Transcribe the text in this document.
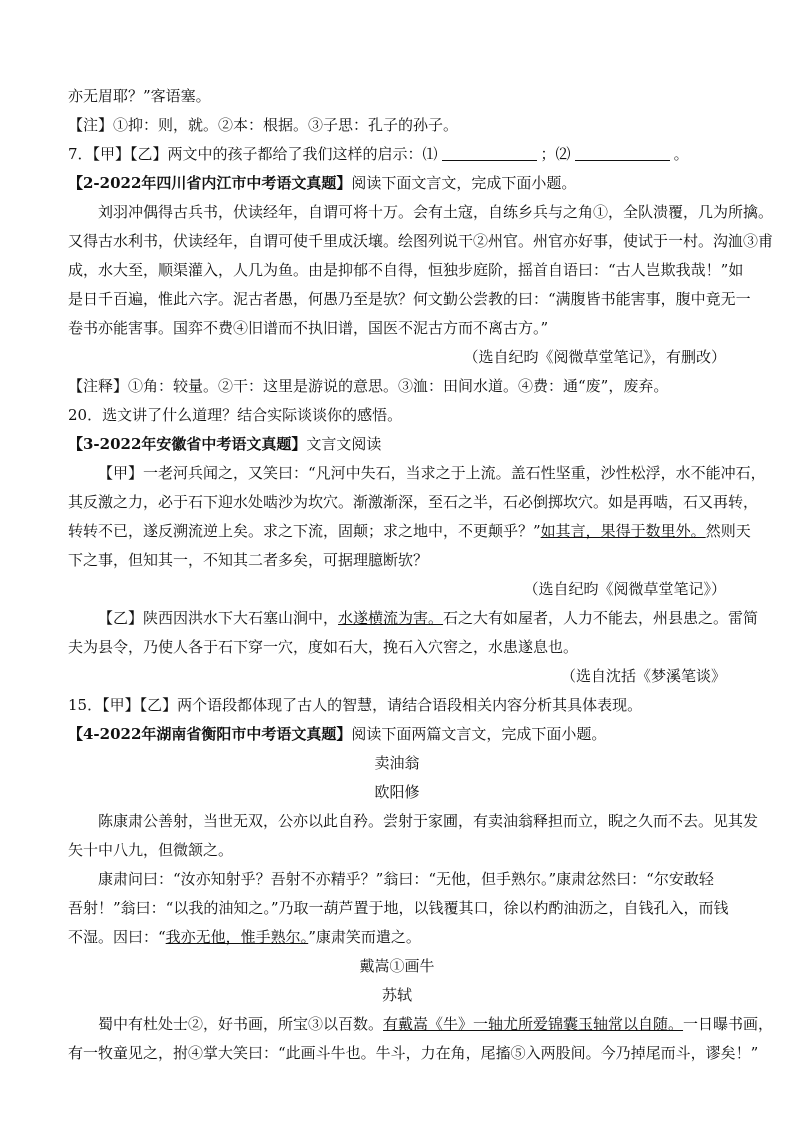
亦无眉耶？”客语塞。

【注】①抑：则，就。②本：根据。③子思：孔子的孙子。

7．【甲】【乙】两文中的孩子都给了我们这样的启示：⑴	；⑵	。

【2-2022年四川省内江市中考语文真题】阅读下面文言文，完成下面小题。

刘羽冲偶得古兵书，伏读经年，自谓可将十万。会有土寇，自练乡兵与之角①，全队溃覆，几为所擒。

又得古水利书，伏读经年，自谓可使千里成沃壤。绘图列说干②州官。州官亦好事，使试于一村。沟洫③甫

成，水大至，顺渠灌入，人几为鱼。由是抑郁不自得，恒独步庭阶，摇首自语曰：“古人岂欺我哉！”如

是日千百遍，惟此六字。泥古者愚，何愚乃至是欤？何文勤公尝教的曰：“满腹皆书能害事，腹中竟无一

卷书亦能害事。国弈不费④旧谱而不执旧谱，国医不泥古方而不离古方。”

（选自纪昀《阅微草堂笔记》，有删改）

【注释】①角：较量。②干：这里是游说的意思。③洫：田间水道。④费：通“废”，废弃。

20．选文讲了什么道理？结合实际谈谈你的感悟。

【3-2022年安徽省中考语文真题】文言文阅读

【甲】一老河兵闻之，又笑曰：“凡河中失石，当求之于上流。盖石性坚重，沙性松浮，水不能冲石，

其反激之力，必于石下迎水处啮沙为坎穴。渐激渐深，至石之半，石必倒掷坎穴。如是再啮，石又再转，

转转不已，遂反溯流逆上矣。求之下流，固颠；求之地中，不更颠乎？”如其言，果得于数里外。然则天

下之事，但知其一，不知其二者多矣，可据理臆断欤？

（选自纪昀《阅微草堂笔记》）

【乙】陕西因洪水下大石塞山涧中，水遂横流为害。石之大有如屋者，人力不能去，州县患之。雷简

夫为县令，乃使人各于石下穿一穴，度如石大，挽石入穴窖之，水患遂息也。

（选自沈括《梦溪笔谈》

15．【甲】【乙】两个语段都体现了古人的智慧，请结合语段相关内容分析其具体表现。

【4-2022年湖南省衡阳市中考语文真题】阅读下面两篇文言文，完成下面小题。

卖油翁

欧阳修

陈康肃公善射，当世无双，公亦以此自矜。尝射于家圃，有卖油翁释担而立，睨之久而不去。见其发

矢十中八九，但微颔之。

康肃问曰：“汝亦知射乎？吾射不亦精乎？”翁曰：“无他，但手熟尔。”康肃忿然曰：“尔安敢轻

吾射！”翁曰：“以我的油知之。”乃取一葫芦置于地，以钱覆其口，徐以杓酌油沥之，自钱孔入，而钱

不湿。因曰：“我亦无他，惟手熟尔。”康肃笑而遣之。

戴嵩①画牛

苏轼

蜀中有杜处士②，好书画，所宝③以百数。有戴嵩《牛》一轴尤所爱锦囊玉轴常以自随。一日曝书画，

有一牧童见之，拊④掌大笑曰：“此画斗牛也。牛斗，力在角，尾搐⑤入两股间。今乃掉尾而斗，谬矣！”
